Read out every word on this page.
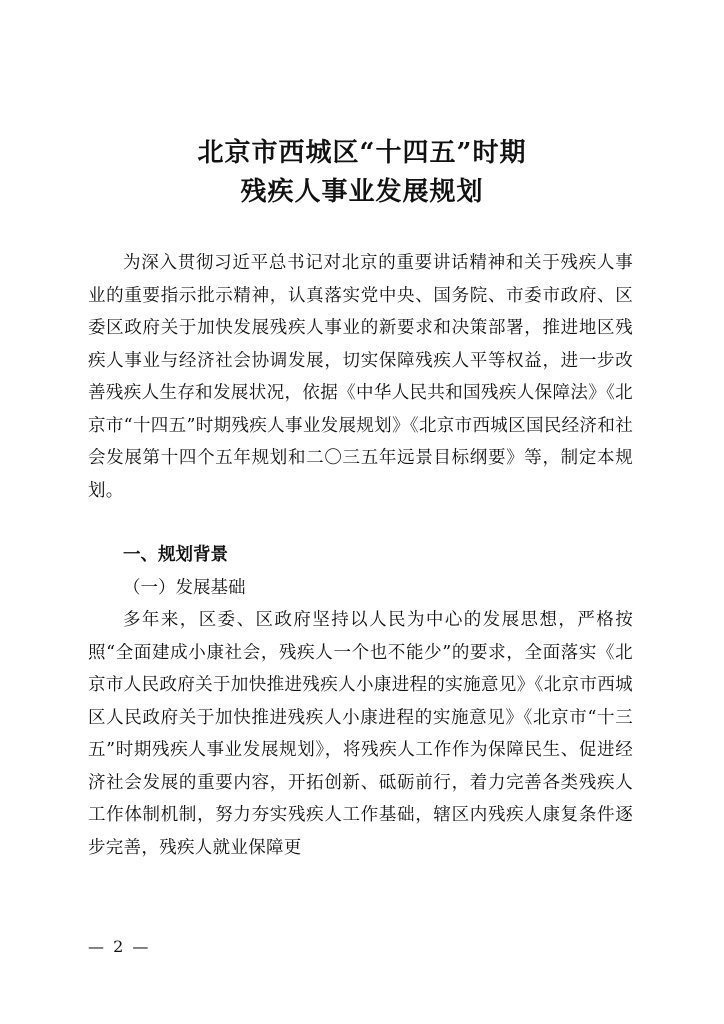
北京市西城区“十四五”时期
残疾人事业发展规划

为深入贯彻习近平总书记对北京的重要讲话精神和关于残疾人事业的重要指示批示精神，认真落实党中央、国务院、市委市政府、区委区政府关于加快发展残疾人事业的新要求和决策部署，推进地区残疾人事业与经济社会协调发展，切实保障残疾人平等权益，进一步改善残疾人生存和发展状况，依据《中华人民共和国残疾人保障法》《北京市“十四五”时期残疾人事业发展规划》《北京市西城区国民经济和社会发展第十四个五年规划和二〇三五年远景目标纲要》等，制定本规划。

一、规划背景

（一）发展基础

多年来，区委、区政府坚持以人民为中心的发展思想，严格按照“全面建成小康社会，残疾人一个也不能少”的要求，全面落实《北京市人民政府关于加快推进残疾人小康进程的实施意见》《北京市西城区人民政府关于加快推进残疾人小康进程的实施意见》《北京市“十三五”时期残疾人事业发展规划》，将残疾人工作作为保障民生、促进经济社会发展的重要内容，开拓创新、砥砺前行，着力完善各类残疾人工作体制机制，努力夯实残疾人工作基础，辖区内残疾人康复条件逐步完善，残疾人就业保障更

— 2 —
